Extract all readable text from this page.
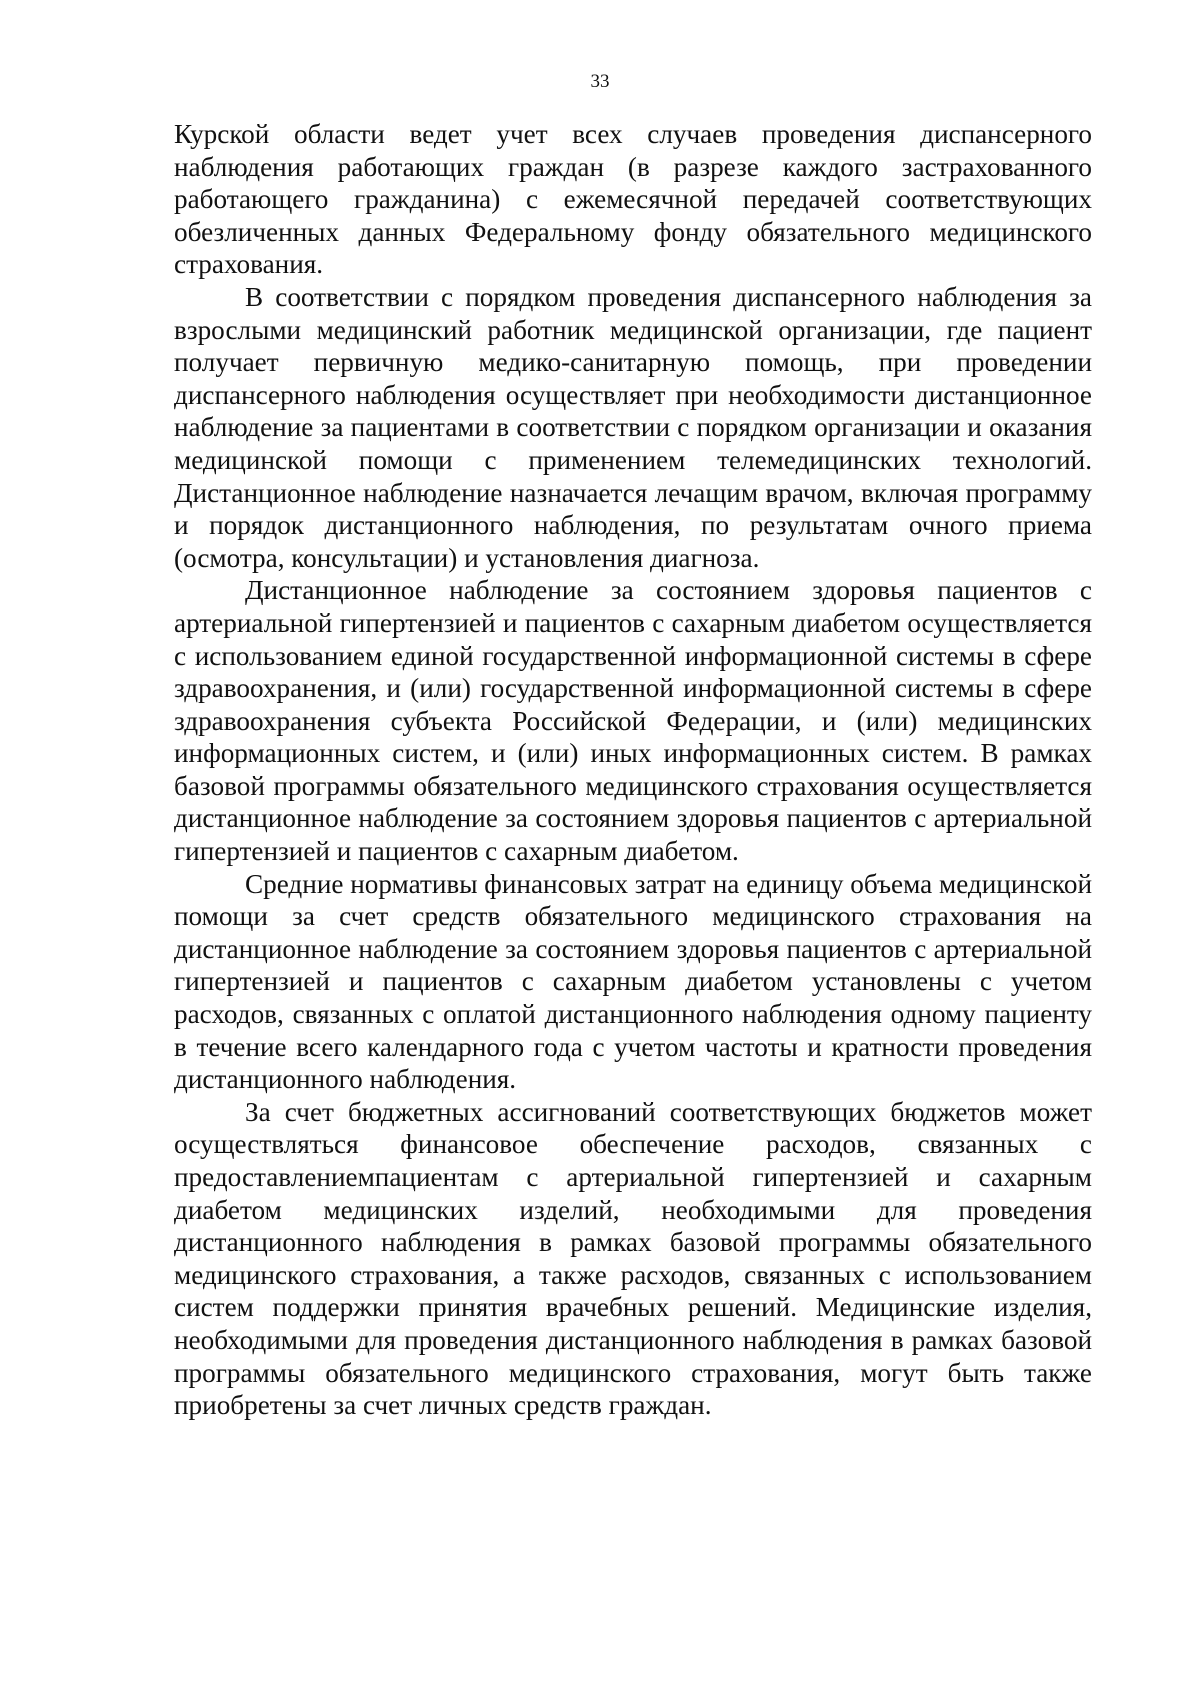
33

Курской области ведет учет всех случаев проведения диспансерного наблюдения работающих граждан (в разрезе каждого застрахованного работающего гражданина) с ежемесячной передачей соответствующих обезличенных данных Федеральному фонду обязательного медицинского страхования.

В соответствии с порядком проведения диспансерного наблюдения за взрослыми медицинский работник медицинской организации, где пациент получает первичную медико-санитарную помощь, при проведении диспансерного наблюдения осуществляет при необходимости дистанционное наблюдение за пациентами в соответствии с порядком организации и оказания медицинской помощи с применением телемедицинских технологий. Дистанционное наблюдение назначается лечащим врачом, включая программу и порядок дистанционного наблюдения, по результатам очного приема (осмотра, консультации) и установления диагноза.

Дистанционное наблюдение за состоянием здоровья пациентов с артериальной гипертензией и пациентов с сахарным диабетом осуществляется с использованием единой государственной информационной системы в сфере здравоохранения, и (или) государственной информационной системы в сфере здравоохранения субъекта Российской Федерации, и (или) медицинских информационных систем, и (или) иных информационных систем. В рамках базовой программы обязательного медицинского страхования осуществляется дистанционное наблюдение за состоянием здоровья пациентов с артериальной гипертензией и пациентов с сахарным диабетом.

Средние нормативы финансовых затрат на единицу объема медицинской помощи за счет средств обязательного медицинского страхования на дистанционное наблюдение за состоянием здоровья пациентов с артериальной гипертензией и пациентов с сахарным диабетом установлены с учетом расходов, связанных с оплатой дистанционного наблюдения одному пациенту в течение всего календарного года с учетом частоты и кратности проведения дистанционного наблюдения.

За счет бюджетных ассигнований соответствующих бюджетов может осуществляться финансовое обеспечение расходов, связанных с предоставлениемпациентам с артериальной гипертензией и сахарным диабетом медицинских изделий, необходимыми для проведения дистанционного наблюдения в рамках базовой программы обязательного медицинского страхования, а также расходов, связанных с использованием систем поддержки принятия врачебных решений. Медицинские изделия, необходимыми для проведения дистанционного наблюдения в рамках базовой программы обязательного медицинского страхования, могут быть также приобретены за счет личных средств граждан.
